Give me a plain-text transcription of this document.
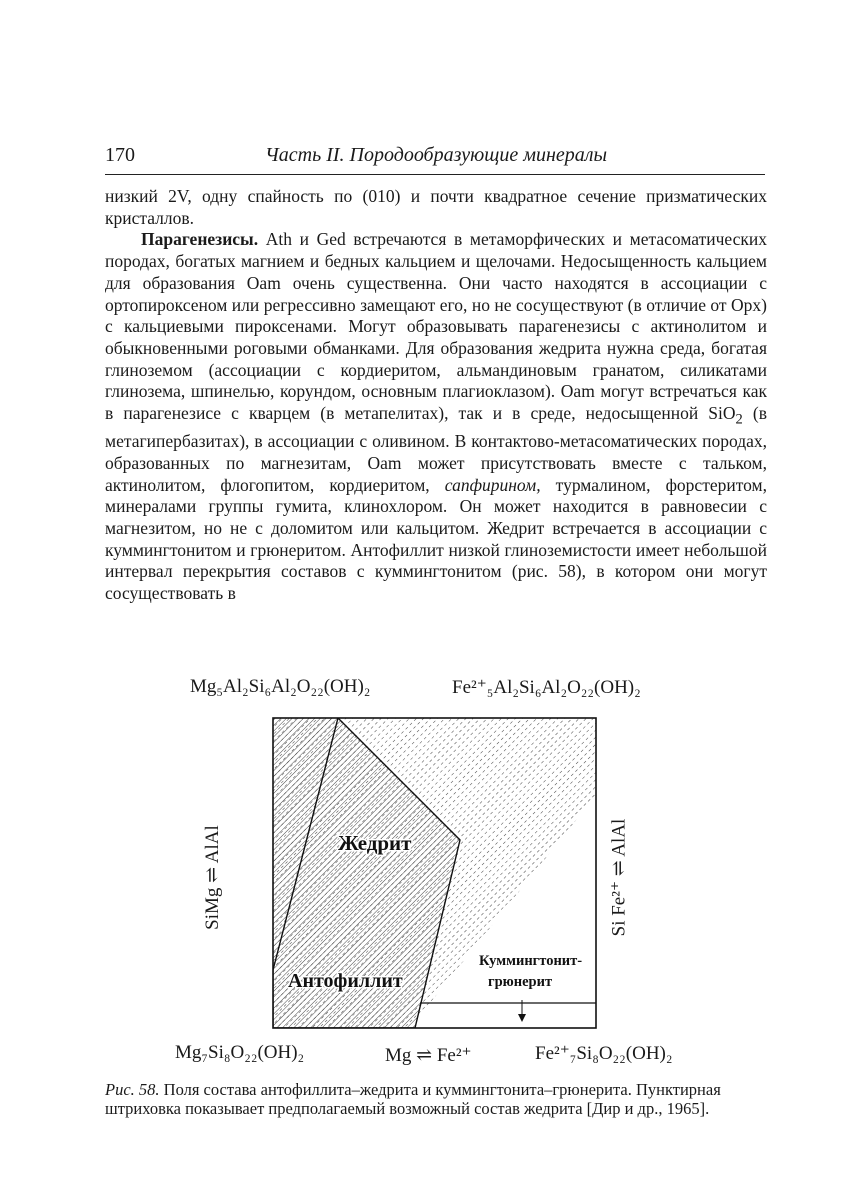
170	Часть II. Породообразующие минералы

низкий 2V, одну спайность по (010) и почти квадратное сечение призматических кристаллов.

Парагенезисы. Ath и Ged встречаются в метаморфических и метасоматических породах, богатых магнием и бедных кальцием и щелочами. Недосыщенность кальцием для образования Oam очень существенна. Они часто находятся в ассоциации с ортопироксеном или регрессивно замещают его, но не сосуществуют (в отличие от Opx) с кальциевыми пироксенами. Могут образовывать парагенезисы с актинолитом и обыкновенными роговыми обманками. Для образования жедрита нужна среда, богатая глиноземом (ассоциации с кордиеритом, альмандиновым гранатом, силикатами глинозема, шпинелью, корундом, основным плагиоклазом). Oam могут встречаться как в парагенезисе с кварцем (в метапелитах), так и в среде, недосыщенной SiO$_2$ (в метагипербазитах), в ассоциации с оливином. В контактово-метасоматических породах, образованных по магнезитам, Oam может присутствовать вместе с тальком, актинолитом, флогопитом, кордиеритом, сапфирином, турмалином, форстеритом, минералами группы гумита, клинохлором. Он может находится в равновесии с магнезитом, но не с доломитом или кальцитом. Жедрит встречается в ассоциации с куммингтонитом и грюнеритом. Антофиллит низкой глиноземистости имеет небольшой интервал перекрытия составов с куммингтонитом (рис. 58), в котором они могут сосуществовать в

Mg₅Al₂Si₆Al₂O₂₂(OH)₂	Fe²⁺₅Al₂Si₆Al₂O₂₂(OH)₂

Жедрит
Антофиллит
Куммингтонит-
грюнерит
SiMg ⇌ AlAl	Si Fe²⁺ ⇌ AlAl

Mg₇Si₈O₂₂(OH)₂	Mg ⇌ Fe²⁺	Fe²⁺₇Si₈O₂₂(OH)₂

Рис. 58. Поля состава антофиллита–жедрита и куммингтонита–грюнерита. Пунктирная штриховка показывает предполагаемый возможный состав жедрита [Дир и др., 1965].
